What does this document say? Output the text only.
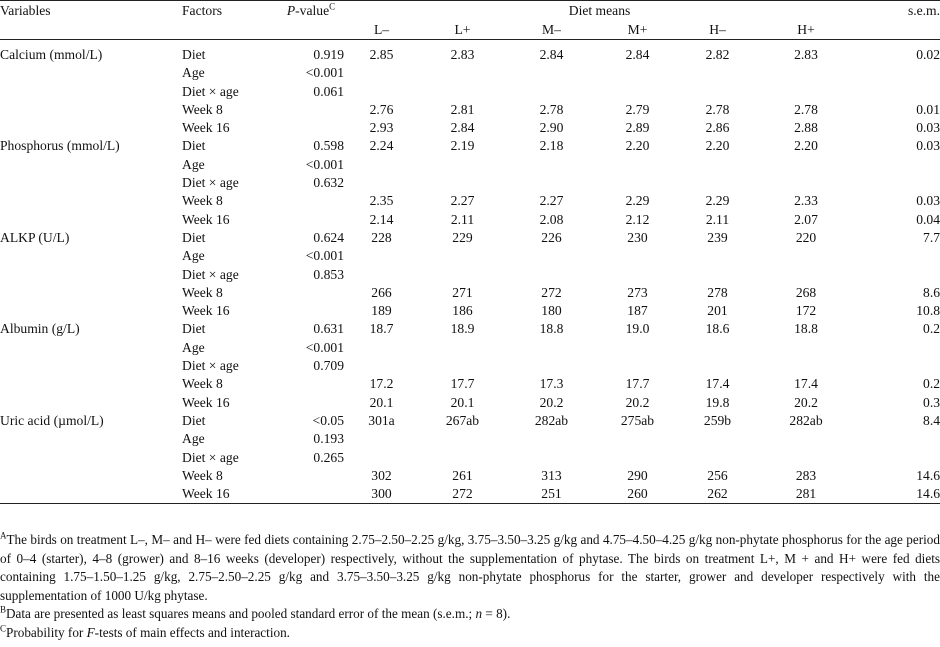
Variables	Factors	P-value$^C$	Diet means						s.e.m.
			L–	L+	M–	M+	H–	H+	
Calcium (mmol/L)	Diet	0.919	2.85	2.83	2.84	2.84	2.82	2.83	0.02
	Age	<0.001							
	Diet × age	0.061							
	Week 8		2.76	2.81	2.78	2.79	2.78	2.78	0.01
	Week 16		2.93	2.84	2.90	2.89	2.86	2.88	0.03
Phosphorus (mmol/L)	Diet	0.598	2.24	2.19	2.18	2.20	2.20	2.20	0.03
	Age	<0.001							
	Diet × age	0.632							
	Week 8		2.35	2.27	2.27	2.29	2.29	2.33	0.03
	Week 16		2.14	2.11	2.08	2.12	2.11	2.07	0.04
ALKP (U/L)	Diet	0.624	228	229	226	230	239	220	7.7
	Age	<0.001							
	Diet × age	0.853							
	Week 8		266	271	272	273	278	268	8.6
	Week 16		189	186	180	187	201	172	10.8
Albumin (g/L)	Diet	0.631	18.7	18.9	18.8	19.0	18.6	18.8	0.2
	Age	<0.001							
	Diet × age	0.709							
	Week 8		17.2	17.7	17.3	17.7	17.4	17.4	0.2
	Week 16		20.1	20.1	20.2	20.2	19.8	20.2	0.3
Uric acid (µmol/L)	Diet	<0.05	301a	267ab	282ab	275ab	259b	282ab	8.4
	Age	0.193							
	Diet × age	0.265							
	Week 8		302	261	313	290	256	283	14.6
	Week 16		300	272	251	260	262	281	14.6

$^A$The birds on treatment L–, M– and H– were fed diets containing 2.75–2.50–2.25 g/kg, 3.75–3.50–3.25 g/kg and 4.75–4.50–4.25 g/kg non-phytate phosphorus for the age period of 0–4 (starter), 4–8 (grower) and 8–16 weeks (developer) respectively, without the supplementation of phytase. The birds on treatment L+, M + and H+ were fed diets containing 1.75–1.50–1.25 g/kg, 2.75–2.50–2.25 g/kg and 3.75–3.50–3.25 g/kg non-phytate phosphorus for the starter, grower and developer respectively with the supplementation of 1000 U/kg phytase.

$^B$Data are presented as least squares means and pooled standard error of the mean (s.e.m.; n = 8).

$^C$Probability for F-tests of main effects and interaction.
